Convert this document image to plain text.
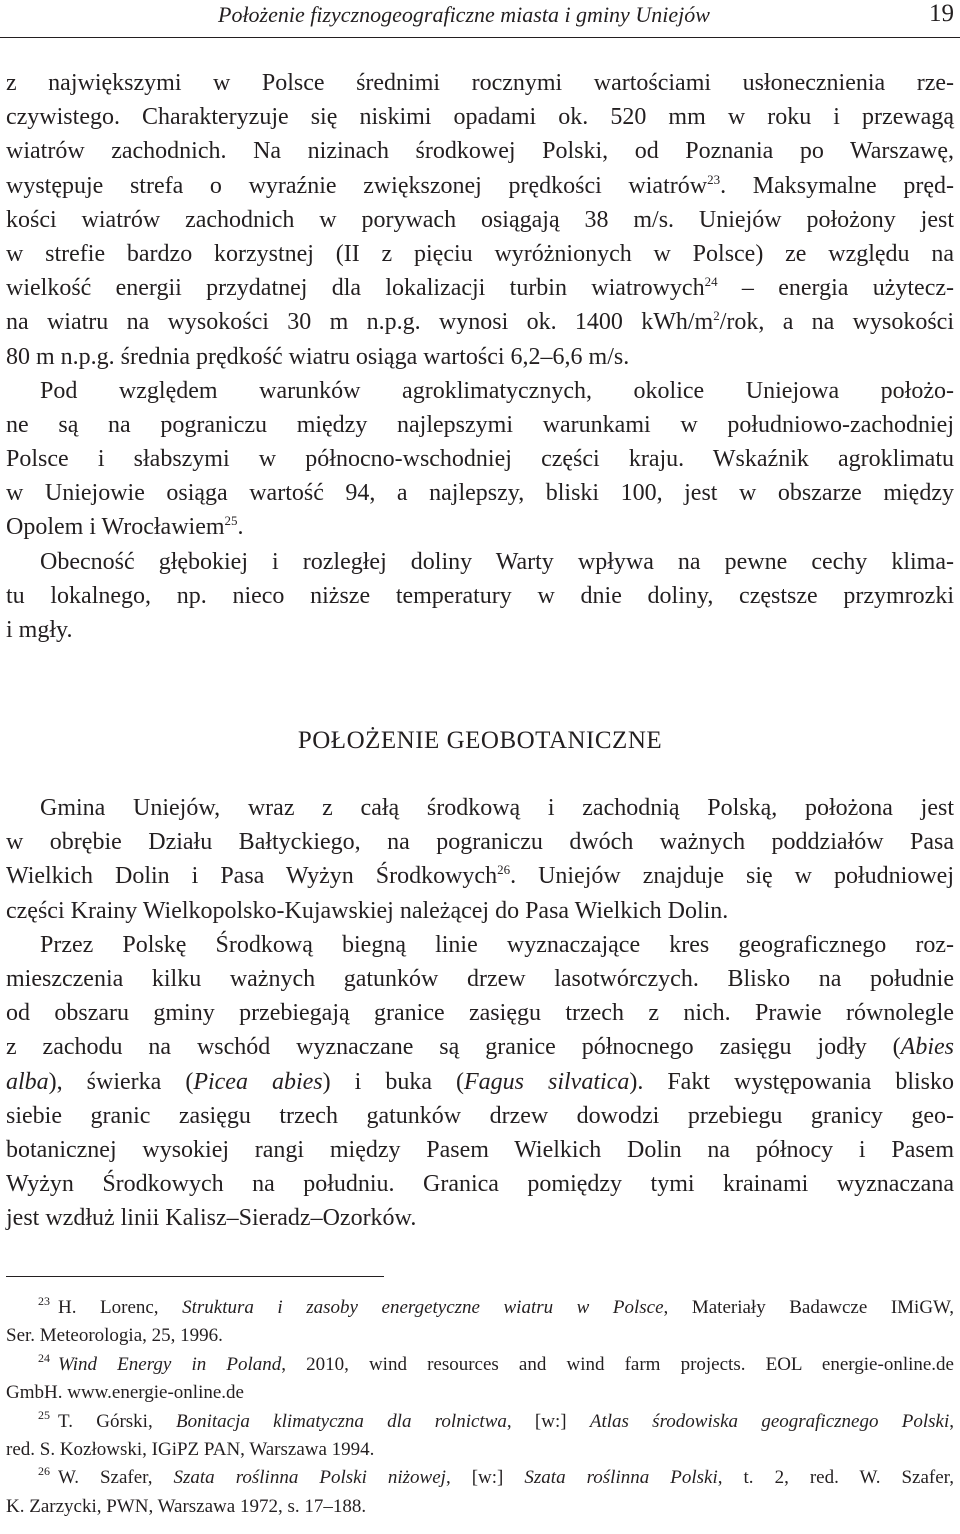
Położenie fizycznogeograficzne miasta i gminy Uniejów	19

z największymi w Polsce średnimi rocznymi wartościami usłonecznienia rze-

czywistego. Charakteryzuje się niskimi opadami ok. 520 mm w roku i przewagą

wiatrów zachodnich. Na nizinach środkowej Polski, od Poznania po Warszawę,

występuje strefa o wyraźnie zwiększonej prędkości wiatrów$^{23}$. Maksymalne pręd-

kości wiatrów zachodnich w porywach osiągają 38 m/s. Uniejów położony jest

w strefie bardzo korzystnej (II z pięciu wyróżnionych w Polsce) ze względu na

wielkość energii przydatnej dla lokalizacji turbin wiatrowych$^{24}$ – energia użytecz-

na wiatru na wysokości 30 m n.p.g. wynosi ok. 1400 kWh/$m^2$/rok, a na wysokości

80 m n.p.g. średnia prędkość wiatru osiąga wartości 6,2–6,6 m/s.

Pod względem warunków agroklimatycznych, okolice Uniejowa położo-

ne są na pograniczu między najlepszymi warunkami w południowo-zachodniej

Polsce i słabszymi w północno-wschodniej części kraju. Wskaźnik agroklimatu

w Uniejowie osiąga wartość 94, a najlepszy, bliski 100, jest w obszarze między

Opolem i Wrocławiem$^{25}$.

Obecność głębokiej i rozległej doliny Warty wpływa na pewne cechy klima-

tu lokalnego, np. nieco niższe temperatury w dnie doliny, częstsze przymrozki

i mgły.

POŁOŻENIE GEOBOTANICZNE

Gmina Uniejów, wraz z całą środkową i zachodnią Polską, położona jest

w obrębie Działu Bałtyckiego, na pograniczu dwóch ważnych poddziałów Pasa

Wielkich Dolin i Pasa Wyżyn Środkowych$^{26}$. Uniejów znajduje się w południowej

części Krainy Wielkopolsko-Kujawskiej należącej do Pasa Wielkich Dolin.

Przez Polskę Środkową biegną linie wyznaczające kres geograficznego roz-

mieszczenia kilku ważnych gatunków drzew lasotwórczych. Blisko na południe

od obszaru gminy przebiegają granice zasięgu trzech z nich. Prawie równolegle

z zachodu na wschód wyznaczane są granice północnego zasięgu jodły (Abies

alba), świerka (Picea abies) i buka (Fagus silvatica). Fakt występowania blisko

siebie granic zasięgu trzech gatunków drzew dowodzi przebiegu granicy geo-

botanicznej wysokiej rangi między Pasem Wielkich Dolin na północy i Pasem

Wyżyn Środkowych na południu. Granica pomiędzy tymi krainami wyznaczana

jest wzdłuż linii Kalisz–Sieradz–Ozorków.

$^{23}$ H. Lorenc, Struktura i zasoby energetyczne wiatru w Polsce, Materiały Badawcze IMiGW,

Ser. Meteorologia, 25, 1996.

$^{24}$ Wind Energy in Poland, 2010, wind resources and wind farm projects. EOL energie-online.de

GmbH. www.energie-online.de

$^{25}$ T. Górski, Bonitacja klimatyczna dla rolnictwa, [w:] Atlas środowiska geograficznego Polski,

red. S. Kozłowski, IGiPZ PAN, Warszawa 1994.

$^{26}$ W. Szafer, Szata roślinna Polski niżowej, [w:] Szata roślinna Polski, t. 2, red. W. Szafer,

K. Zarzycki, PWN, Warszawa 1972, s. 17–188.
